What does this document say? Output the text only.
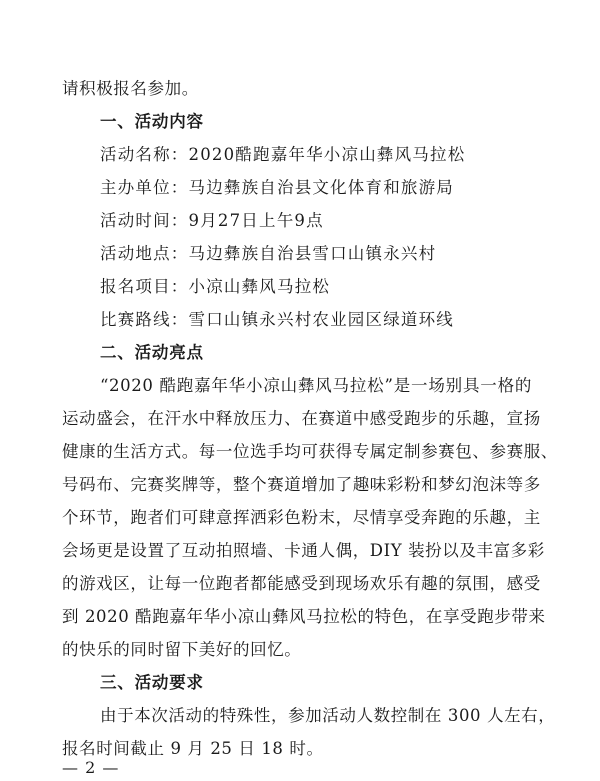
请积极报名参加。
一、活动内容
活动名称：2020酷跑嘉年华小凉山彝风马拉松
主办单位：马边彝族自治县文化体育和旅游局
活动时间：9月27日上午9点
活动地点：马边彝族自治县雪口山镇永兴村
报名项目：小凉山彝风马拉松
比赛路线：雪口山镇永兴村农业园区绿道环线
二、活动亮点
“2020 酷跑嘉年华小凉山彝风马拉松”是一场别具一格的
运动盛会，在汗水中释放压力、在赛道中感受跑步的乐趣，宣扬
健康的生活方式。每一位选手均可获得专属定制参赛包、参赛服、
号码布、完赛奖牌等，整个赛道增加了趣味彩粉和梦幻泡沫等多
个环节，跑者们可肆意挥洒彩色粉末，尽情享受奔跑的乐趣，主
会场更是设置了互动拍照墙、卡通人偶，DIY 装扮以及丰富多彩
的游戏区，让每一位跑者都能感受到现场欢乐有趣的氛围，感受
到 2020 酷跑嘉年华小凉山彝风马拉松的特色，在享受跑步带来
的快乐的同时留下美好的回忆。
三、活动要求
由于本次活动的特殊性，参加活动人数控制在 300 人左右，
报名时间截止 9 月 25 日 18 时。
— 2 —
